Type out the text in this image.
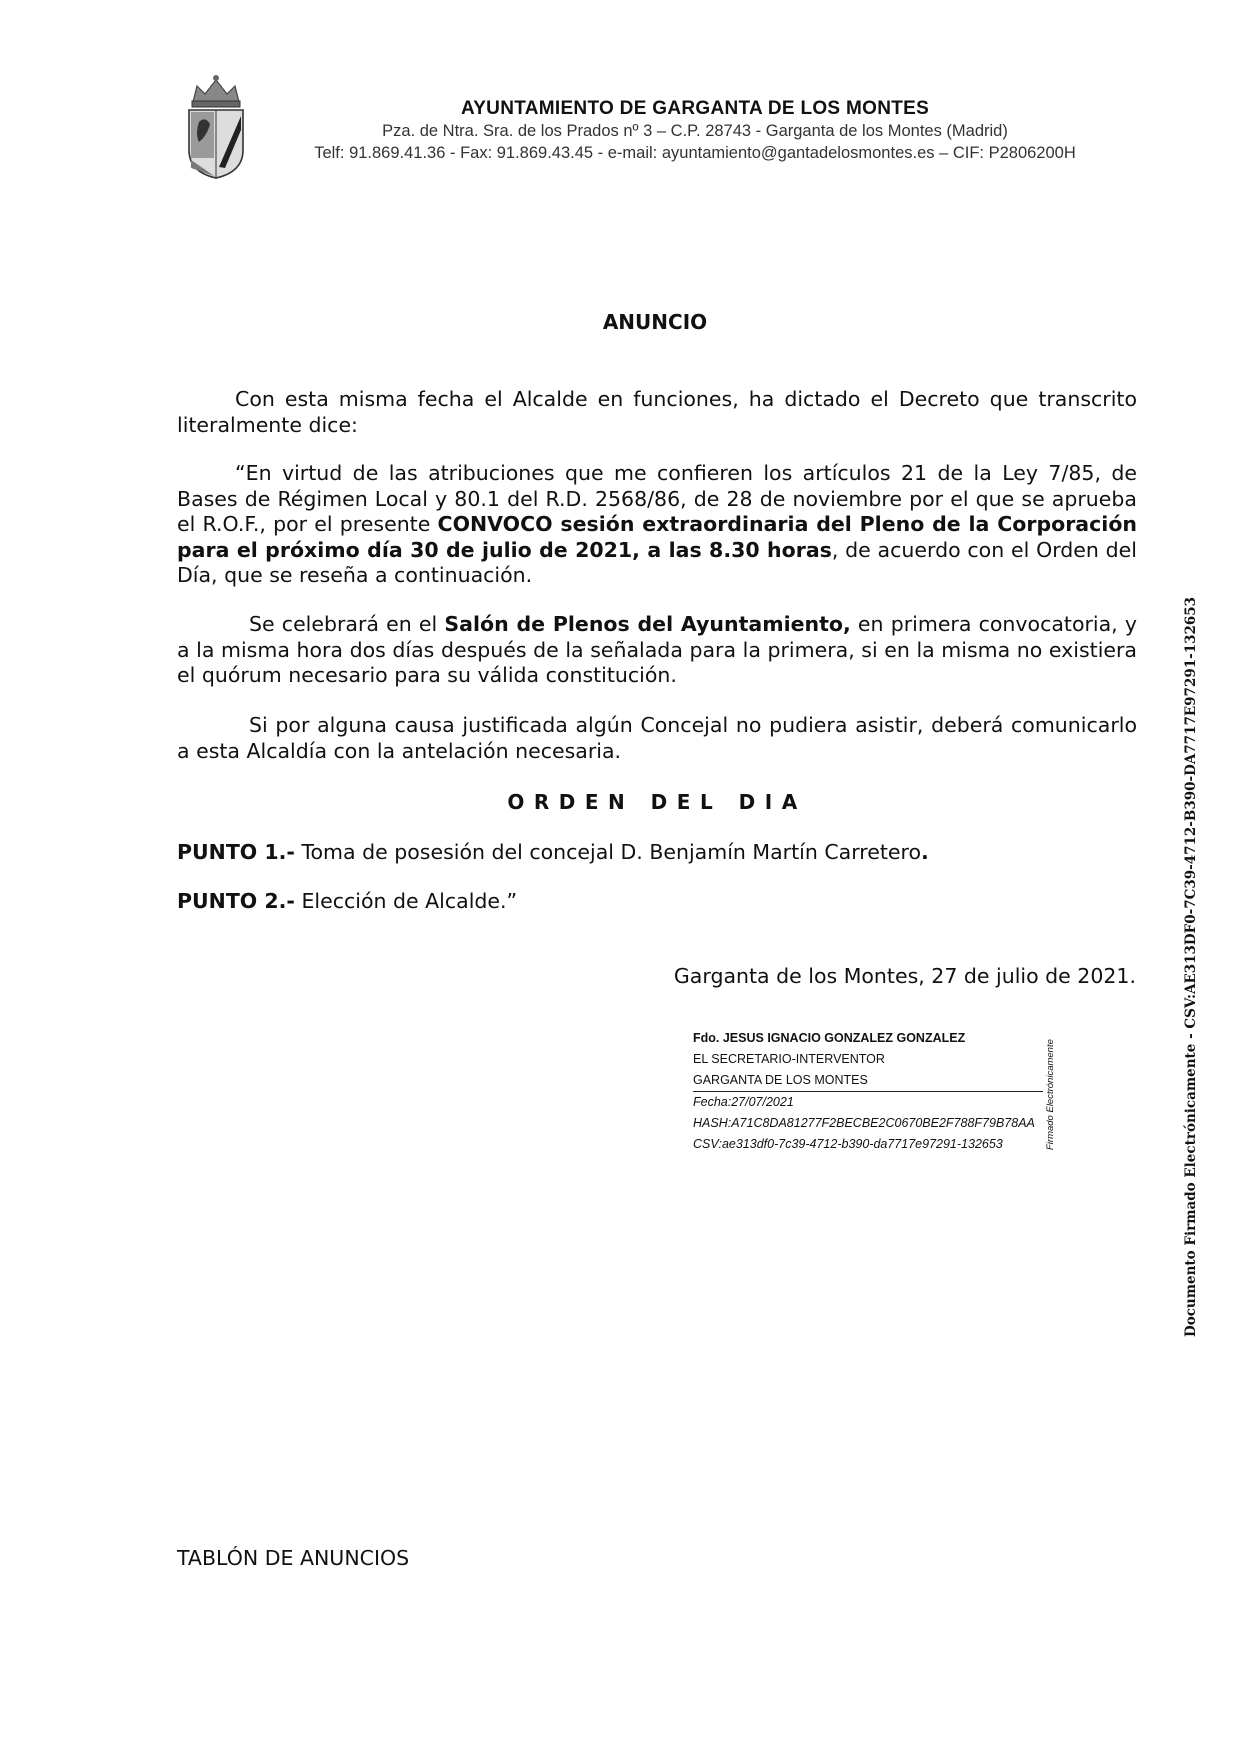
AYUNTAMIENTO DE GARGANTA DE LOS MONTES
Pza. de Ntra. Sra. de los Prados nº 3 – C.P. 28743 - Garganta de los Montes (Madrid)
Telf: 91.869.41.36 - Fax: 91.869.43.45 - e-mail: ayuntamiento@gantadelosmontes.es – CIF: P2806200H
ANUNCIO
Con esta misma fecha el Alcalde en funciones, ha dictado el Decreto que transcrito literalmente dice:
“En virtud de las atribuciones que me confieren los artículos 21 de la Ley 7/85, de Bases de Régimen Local y 80.1 del R.D. 2568/86, de 28 de noviembre por el que se aprueba el R.O.F., por el presente CONVOCO sesión extraordinaria del Pleno de la Corporación para el próximo día 30 de julio de 2021, a las 8.30 horas, de acuerdo con el Orden del Día, que se reseña a continuación.
Se celebrará en el Salón de Plenos del Ayuntamiento, en primera convocatoria, y a la misma hora dos días después de la señalada para la primera, si en la misma no existiera el quórum necesario para su válida constitución.
Si por alguna causa justificada algún Concejal no pudiera asistir, deberá comunicarlo a esta Alcaldía con la antelación necesaria.
ORDEN DEL DIA
PUNTO 1.- Toma de posesión del concejal D. Benjamín Martín Carretero.
PUNTO 2.- Elección de Alcalde.”
Garganta de los Montes, 27 de julio de 2021.
Fdo. JESUS IGNACIO GONZALEZ GONZALEZ
EL SECRETARIO-INTERVENTOR
GARGANTA DE LOS MONTES
Fecha:27/07/2021
HASH:A71C8DA81277F2BECBE2C0670BE2F788F79B78AA
CSV:ae313df0-7c39-4712-b390-da7717e97291-132653	Firmado Electrónicamente	Documento Firmado Electrónicamente - CSV:AE313DF0-7C39-4712-B390-DA7717E97291-132653
TABLÓN DE ANUNCIOS
